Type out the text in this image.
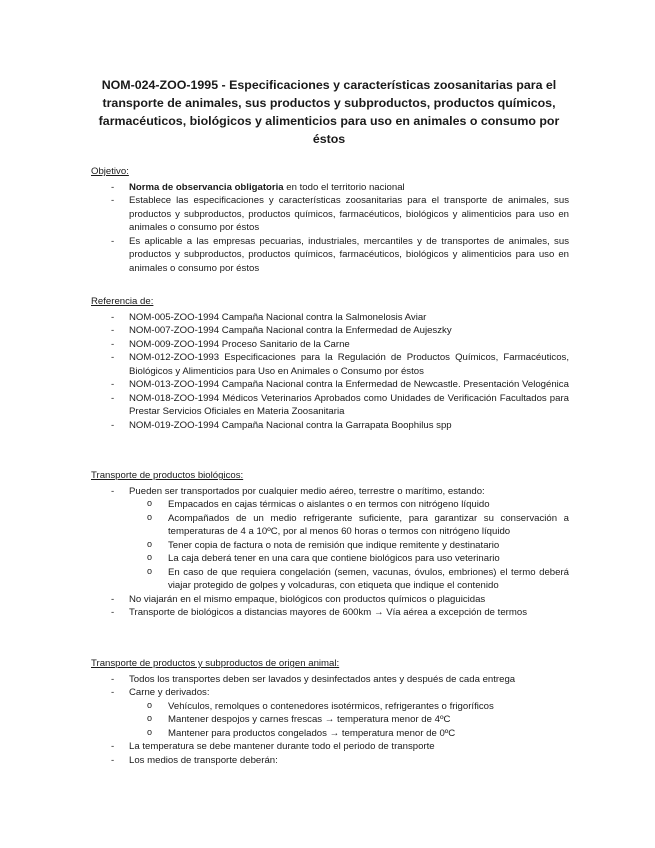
NOM-024-ZOO-1995 - Especificaciones y características zoosanitarias para el transporte de animales, sus productos y subproductos, productos químicos, farmacéuticos, biológicos y alimenticios para uso en animales o consumo por éstos
Objetivo:
- Norma de observancia obligatoria en todo el territorio nacional
- Establece las especificaciones y características zoosanitarias para el transporte de animales, sus productos y subproductos, productos químicos, farmacéuticos, biológicos y alimenticios para uso en animales o consumo por éstos
- Es aplicable a las empresas pecuarias, industriales, mercantiles y de transportes de animales, sus productos y subproductos, productos químicos, farmacéuticos, biológicos y alimenticios para uso en animales o consumo por éstos
Referencia de:
- NOM-005-ZOO-1994 Campaña Nacional contra la Salmonelosis Aviar
- NOM-007-ZOO-1994 Campaña Nacional contra la Enfermedad de Aujeszky
- NOM-009-ZOO-1994 Proceso Sanitario de la Carne
- NOM-012-ZOO-1993 Especificaciones para la Regulación de Productos Químicos, Farmacéuticos, Biológicos y Alimenticios para Uso en Animales o Consumo por éstos
- NOM-013-ZOO-1994 Campaña Nacional contra la Enfermedad de Newcastle. Presentación Velogénica
- NOM-018-ZOO-1994 Médicos Veterinarios Aprobados como Unidades de Verificación Facultados para Prestar Servicios Oficiales en Materia Zoosanitaria
- NOM-019-ZOO-1994 Campaña Nacional contra la Garrapata Boophilus spp
Transporte de productos biológicos:
- Pueden ser transportados por cualquier medio aéreo, terrestre o marítimo, estando:
o Empacados en cajas térmicas o aislantes o en termos con nitrógeno líquido
o Acompañados de un medio refrigerante suficiente, para garantizar su conservación a temperaturas de 4 a 10ºC, por al menos 60 horas o termos con nitrógeno líquido
o Tener copia de factura o nota de remisión que indique remitente y destinatario
o La caja deberá tener en una cara que contiene biológicos para uso veterinario
o En caso de que requiera congelación (semen, vacunas, óvulos, embriones) el termo deberá viajar protegido de golpes y volcaduras, con etiqueta que indique el contenido
- No viajarán en el mismo empaque, biológicos con productos químicos o plaguicidas
- Transporte de biológicos a distancias mayores de 600km → Vía aérea a excepción de termos
Transporte de productos y subproductos de origen animal:
- Todos los transportes deben ser lavados y desinfectados antes y después de cada entrega
- Carne y derivados:
o Vehículos, remolques o contenedores isotérmicos, refrigerantes o frigoríficos
o Mantener despojos y carnes frescas → temperatura menor de 4ºC
o Mantener para productos congelados → temperatura menor de 0ºC
- La temperatura se debe mantener durante todo el periodo de transporte
- Los medios de transporte deberán:
